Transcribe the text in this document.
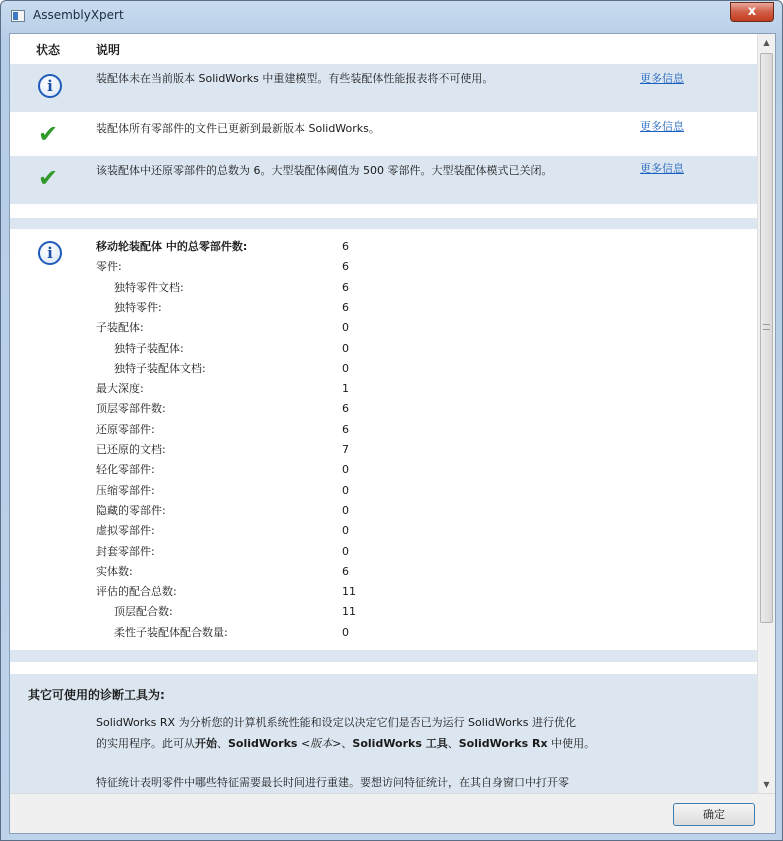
AssemblyXpert	x
状态	说明
i	装配体未在当前版本 SolidWorks 中重建模型。有些装配体性能报表将不可使用。	更多信息
✔	装配体所有零部件的文件已更新到最新版本 SolidWorks。	更多信息
✔	该装配体中还原零部件的总数为 6。大型装配体阈值为 500 零部件。大型装配体模式已关闭。	更多信息
i	移动轮装配体 中的总零部件数:	6
零件:	6
独特零件文档:	6
独特零件:	6
子装配体:	0
独特子装配体:	0
独特子装配体文档:	0
最大深度:	1
顶层零部件数:	6
还原零部件:	6
已还原的文档:	7
轻化零部件:	0
压缩零部件:	0
隐藏的零部件:	0
虚拟零部件:	0
封套零部件:	0
实体数:	6
评估的配合总数:	11
顶层配合数:	11
柔性子装配体配合数量:	0
其它可使用的诊断工具为:
SolidWorks RX 为分析您的计算机系统性能和设定以决定它们是否已为运行 SolidWorks 进行优化
的实用程序。此可从开始、SolidWorks <版本>、SolidWorks 工具、SolidWorks Rx 中使用。
特征统计表明零件中哪些特征需要最长时间进行重建。要想访问特征统计，在其自身窗口中打开零
▲
▼
确定
